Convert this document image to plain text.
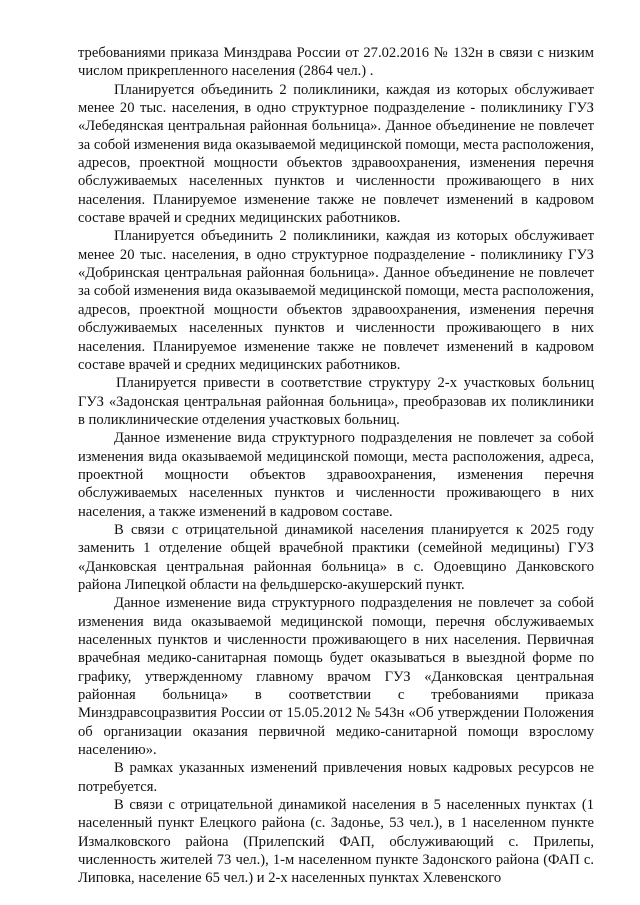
требованиями приказа Минздрава России от 27.02.2016 № 132н в связи с низким числом прикрепленного населения (2864 чел.) .

Планируется объединить 2 поликлиники, каждая из которых обслуживает менее 20 тыс. населения, в одно структурное подразделение - поликлинику ГУЗ «Лебедянская центральная районная больница». Данное объединение не повлечет за собой изменения вида оказываемой медицинской помощи, места расположения, адресов, проектной мощности объектов здравоохранения, изменения перечня обслуживаемых населенных пунктов и численности проживающего в них населения. Планируемое изменение также не повлечет изменений в кадровом составе врачей и средних медицинских работников.

Планируется объединить 2 поликлиники, каждая из которых обслуживает менее 20 тыс. населения, в одно структурное подразделение - поликлинику ГУЗ «Добринская центральная районная больница». Данное объединение не повлечет за собой изменения вида оказываемой медицинской помощи, места расположения, адресов, проектной мощности объектов здравоохранения, изменения перечня обслуживаемых населенных пунктов и численности проживающего в них населения. Планируемое изменение также не повлечет изменений в кадровом составе врачей и средних медицинских работников.

Планируется привести в соответствие структуру 2-х участковых больниц ГУЗ «Задонская центральная районная больница», преобразовав их поликлиники в поликлинические отделения участковых больниц.

Данное изменение вида структурного подразделения не повлечет за собой изменения вида оказываемой медицинской помощи, места расположения, адреса, проектной мощности объектов здравоохранения, изменения перечня обслуживаемых населенных пунктов и численности проживающего в них населения, а также изменений в кадровом составе.

В связи с отрицательной динамикой населения планируется к 2025 году заменить 1 отделение общей врачебной практики (семейной медицины) ГУЗ «Данковская центральная районная больница» в с. Одоевщино Данковского района Липецкой области на фельдшерско-акушерский пункт.

Данное изменение вида структурного подразделения не повлечет за собой изменения вида оказываемой медицинской помощи, перечня обслуживаемых населенных пунктов и численности проживающего в них населения. Первичная врачебная медико-санитарная помощь будет оказываться в выездной форме по графику, утвержденному главному врачом ГУЗ «Данковская центральная районная больница» в соответствии с требованиями приказа Минздравсоцразвития России от 15.05.2012 № 543н «Об утверждении Положения об организации оказания первичной медико-санитарной помощи взрослому населению».

В рамках указанных изменений привлечения новых кадровых ресурсов не потребуется.

В связи с отрицательной динамикой населения в 5 населенных пунктах (1 населенный пункт Елецкого района (с. Задонье, 53 чел.), в 1 населенном пункте Измалковского района (Прилепский ФАП, обслуживающий с. Прилепы, численность жителей 73 чел.), 1-м населенном пункте Задонского района (ФАП с. Липовка, население 65 чел.) и 2-х населенных пунктах Хлевенского
